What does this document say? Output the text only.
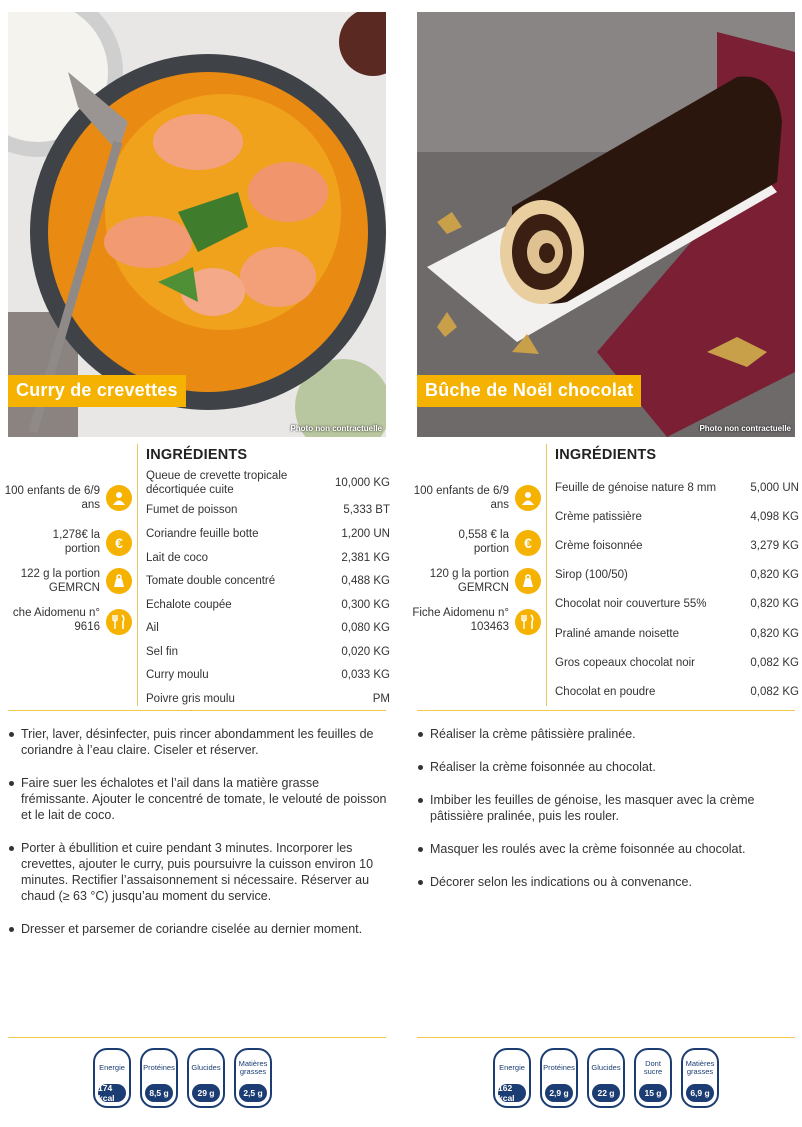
Curry de crevettes
Photo non contractuelle
100 enfants de 6/9 ans
1,278€ la portion	€
122 g la portion GEMRCN
che Aidomenu n° 9616
INGRÉDIENTS
Queue de crevette tropicale décortiquée cuite	10,000 KG
Fumet de poisson	5,333 BT
Coriandre feuille botte	1,200 UN
Lait de coco	2,381 KG
Tomate double concentré	0,488 KG
Echalote coupée	0,300 KG
Ail	0,080 KG
Sel fin	0,020 KG
Curry moulu	0,033 KG
Poivre gris moulu	PM
Trier, laver, désinfecter, puis rincer abondamment les feuilles de coriandre à l’eau claire. Ciseler et réserver.
Faire suer les échalotes et l’ail dans la matière grasse frémissante. Ajouter le concentré de tomate, le velouté de poisson et le lait de coco.
Porter à ébullition et cuire pendant 3 minutes. Incorporer les crevettes, ajouter le curry, puis poursuivre la cuisson environ 10 minutes. Rectifier l’assaisonnement si nécessaire. Réserver au chaud (≥ 63 °C) jusqu’au moment du service.
Dresser et parsemer de coriandre ciselée au dernier moment.
Energie
174 kcal
Protéines
8,5 g
Glucides
29 g
Matières grasses
2,5 g
Bûche de Noël chocolat
Photo non contractuelle
100 enfants de 6/9 ans
0,558 € la portion	€
120 g la portion GEMRCN
Fiche Aidomenu n° 103463
INGRÉDIENTS
Feuille de génoise nature 8 mm	5,000 UN
Crème patissière	4,098 KG
Crème foisonnée	3,279 KG
Sirop (100/50)	0,820 KG
Chocolat noir couverture 55%	0,820 KG
Praliné amande noisette	0,820 KG
Gros copeaux chocolat noir	0,082 KG
Chocolat en poudre	0,082 KG
Réaliser la crème pâtissière pralinée.
Réaliser la crème foisonnée au chocolat.
Imbiber les feuilles de génoise, les masquer avec la crème pâtissière pralinée, puis les rouler.
Masquer les roulés avec la crème foisonnée au chocolat.
Décorer selon les indications ou à convenance.
Energie
162 kcal
Protéines
2,9 g
Glucides
22 g
Dont sucre
15 g
Matières grasses
6,9 g
